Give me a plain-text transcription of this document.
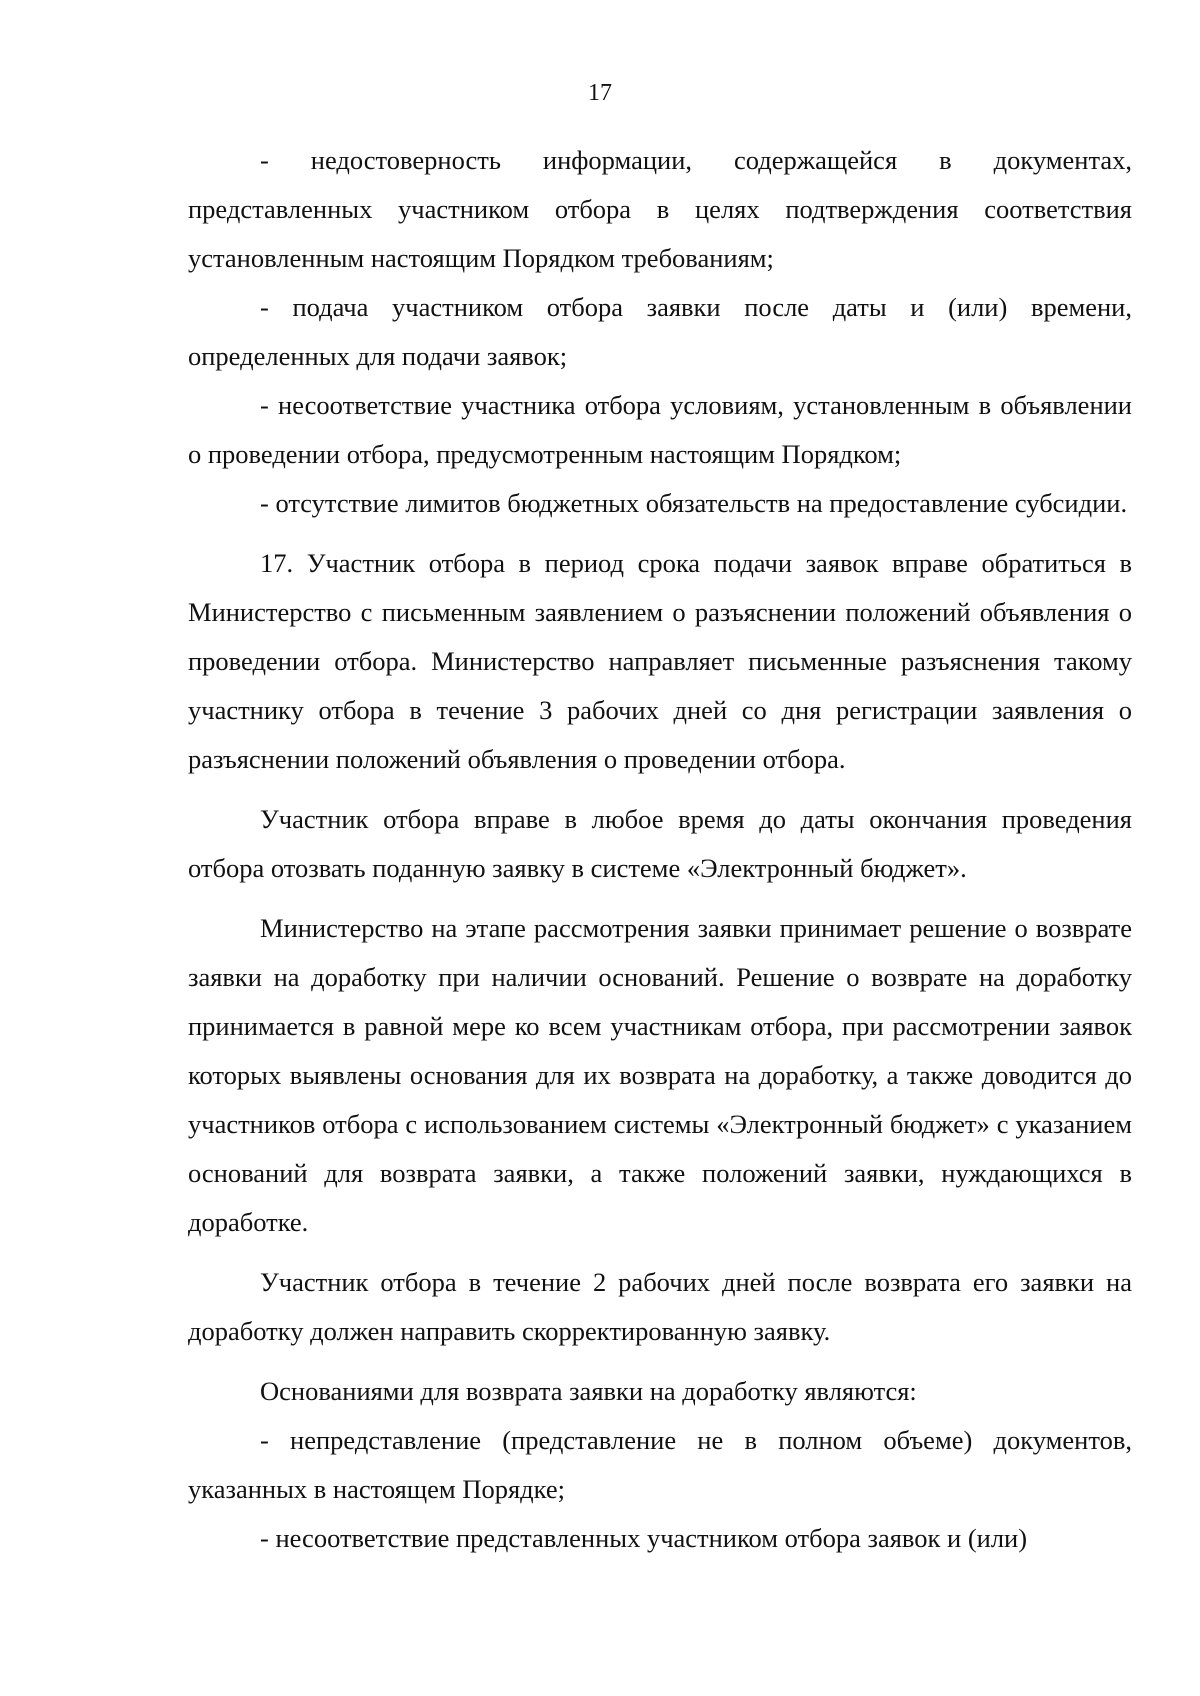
17

- недостоверность информации, содержащейся в документах, представленных участником отбора в целях подтверждения соответствия установленным настоящим Порядком требованиям;

- подача участником отбора заявки после даты и (или) времени, определенных для подачи заявок;

- несоответствие участника отбора условиям, установленным в объявлении о проведении отбора, предусмотренным настоящим Порядком;

- отсутствие лимитов бюджетных обязательств на предоставление субсидии.

17. Участник отбора в период срока подачи заявок вправе обратиться в Министерство с письменным заявлением о разъяснении положений объявления о проведении отбора. Министерство направляет письменные разъяснения такому участнику отбора в течение 3 рабочих дней со дня регистрации заявления о разъяснении положений объявления о проведении отбора.

Участник отбора вправе в любое время до даты окончания проведения отбора отозвать поданную заявку в системе «Электронный бюджет».

Министерство на этапе рассмотрения заявки принимает решение о возврате заявки на доработку при наличии оснований. Решение о возврате на доработку принимается в равной мере ко всем участникам отбора, при рассмотрении заявок которых выявлены основания для их возврата на доработку, а также доводится до участников отбора с использованием системы «Электронный бюджет» с указанием оснований для возврата заявки, а также положений заявки, нуждающихся в доработке.

Участник отбора в течение 2 рабочих дней после возврата его заявки на доработку должен направить скорректированную заявку.

Основаниями для возврата заявки на доработку являются:

- непредставление (представление не в полном объеме) документов, указанных в настоящем Порядке;

- несоответствие представленных участником отбора заявок и (или)
